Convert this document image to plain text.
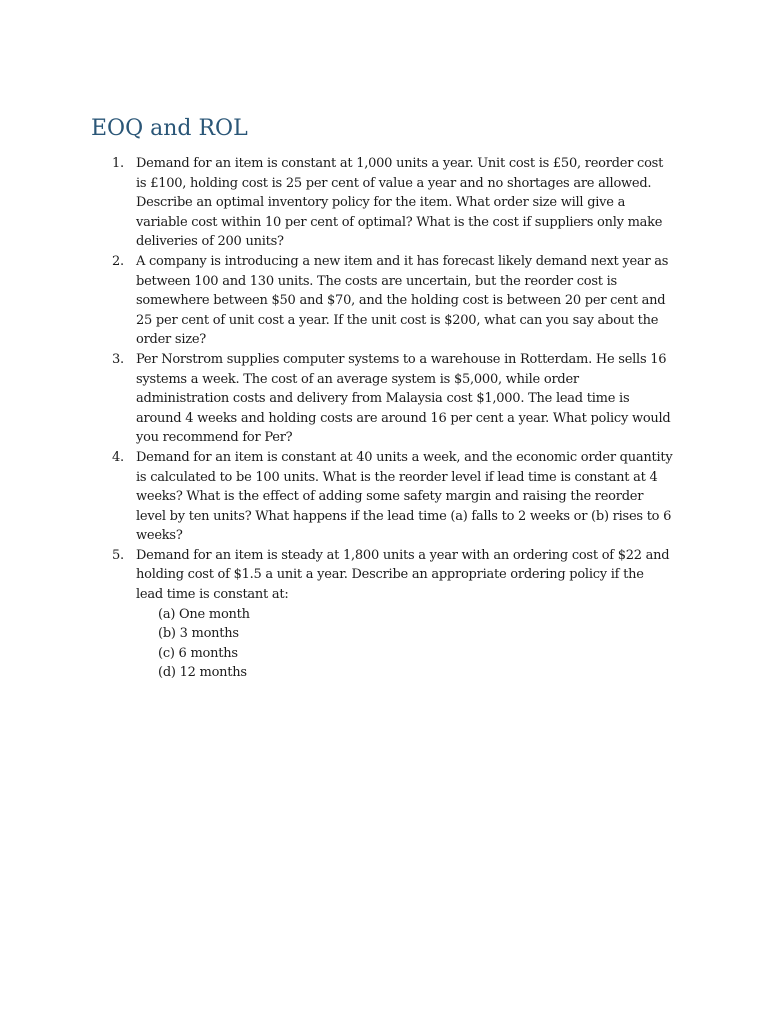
EOQ and ROL
1. Demand for an item is constant at 1,000 units a year. Unit cost is £50, reorder cost is £100, holding cost is 25 per cent of value a year and no shortages are allowed. Describe an optimal inventory policy for the item. What order size will give a variable cost within 10 per cent of optimal? What is the cost if suppliers only make deliveries of 200 units?
2. A company is introducing a new item and it has forecast likely demand next year as between 100 and 130 units. The costs are uncertain, but the reorder cost is somewhere between $50 and $70, and the holding cost is between 20 per cent and 25 per cent of unit cost a year. If the unit cost is $200, what can you say about the order size?
3. Per Norstrom supplies computer systems to a warehouse in Rotterdam. He sells 16 systems a week. The cost of an average system is $5,000, while order administration costs and delivery from Malaysia cost $1,000. The lead time is around 4 weeks and holding costs are around 16 per cent a year. What policy would you recommend for Per?
4. Demand for an item is constant at 40 units a week, and the economic order quantity is calculated to be 100 units. What is the reorder level if lead time is constant at 4 weeks? What is the effect of adding some safety margin and raising the reorder level by ten units? What happens if the lead time (a) falls to 2 weeks or (b) rises to 6 weeks?
5. Demand for an item is steady at 1,800 units a year with an ordering cost of $22 and holding cost of $1.5 a unit a year. Describe an appropriate ordering policy if the lead time is constant at:
(a) One month
(b) 3 months
(c) 6 months
(d) 12 months
